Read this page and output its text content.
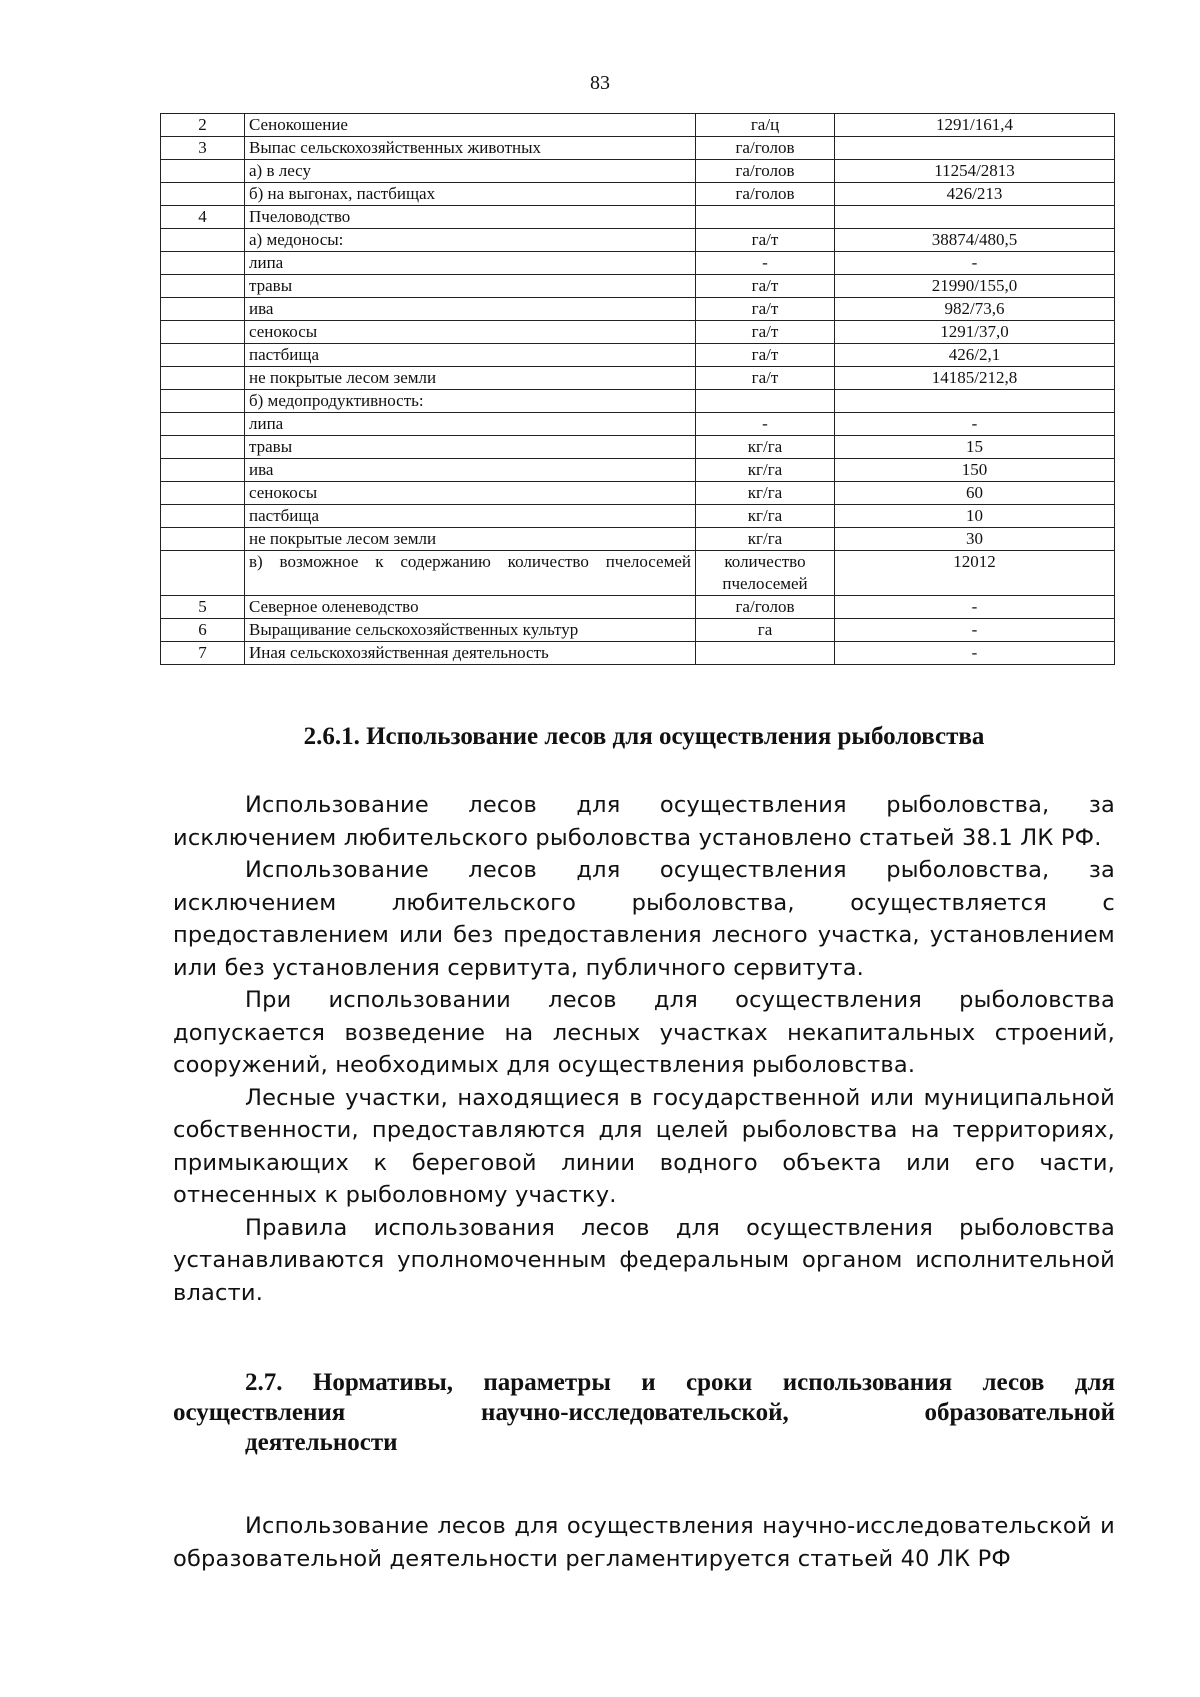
83
2	Сенокошение	га/ц	1291/161,4
3	Выпас сельскохозяйственных животных	га/голов	
	а) в лесу	га/голов	11254/2813
	б) на выгонах, пастбищах	га/голов	426/213
4	Пчеловодство		
	а) медоносы:	га/т	38874/480,5
	липа	-	-
	травы	га/т	21990/155,0
	ива	га/т	982/73,6
	сенокосы	га/т	1291/37,0
	пастбища	га/т	426/2,1
	не покрытые лесом земли	га/т	14185/212,8
	б) медопродуктивность:		
	липа	-	-
	травы	кг/га	15
	ива	кг/га	150
	сенокосы	кг/га	60
	пастбища	кг/га	10
	не покрытые лесом земли	кг/га	30
	в) возможное к содержанию количество пчелосемей	количество пчелосемей	12012
5	Северное оленеводство	га/голов	-
6	Выращивание сельскохозяйственных культур	га	-
7	Иная сельскохозяйственная деятельность		-
2.6.1. Использование лесов для осуществления рыболовства

Использование лесов для осуществления рыболовства, за исключением любительского рыболовства установлено статьей 38.1 ЛК РФ.

Использование лесов для осуществления рыболовства, за исключением любительского рыболовства, осуществляется с предоставлением или без предоставления лесного участка, установлением или без установления сервитута, публичного сервитута.

При использовании лесов для осуществления рыболовства допускается возведение на лесных участках некапитальных строений, сооружений, необходимых для осуществления рыболовства.

Лесные участки, находящиеся в государственной или муниципальной собственности, предоставляются для целей рыболовства на территориях, примыкающих к береговой линии водного объекта или его части, отнесенных к рыболовному участку.

Правила использования лесов для осуществления рыболовства устанавливаются уполномоченным федеральным органом исполнительной власти.

2.7. Нормативы, параметры и сроки использования лесов для осуществления научно-исследовательской, образовательной
деятельности

Использование лесов для осуществления научно-исследовательской и образовательной деятельности регламентируется статьей 40 ЛК РФ
